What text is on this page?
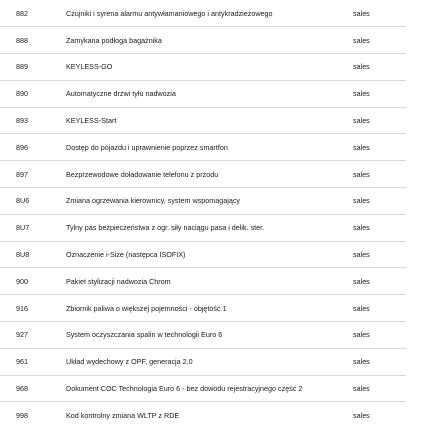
882	Czujniki i syrena alarmu antywłamaniowego i antykradzieżowego	sales	
888	Zamykana podłoga bagażnika	sales	
889	KEYLESS-GO	sales	
890	Automatyczne drzwi tyłu nadwozia	sales	
893	KEYLESS-Start	sales	
896	Dostęp do pojazdu i uprawnienie poprzez smartfon	sales	
897	Bezprzewodowe doładowanie telefonu z przodu	sales	
8U6	Zmiana ogrzewania kierownicy, system wspomagający	sales	
8U7	Tylny pas bezpieczeństwa z ogr. siły naciągu pasa i delik. ster.	sales	
8U8	Oznaczenie i-Size (następca ISOFIX)	sales	
900	Pakiet stylizacji nadwozia Chrom	sales	
916	Zbiornik paliwa o większej pojemności - objętość 1	sales	
927	System oczyszczania spalin w technologii Euro 6	sales	
961	Układ wydechowy z OPF, generacja 2.0	sales	
968	Dokument COC Technologia Euro 6 - bez dowodu rejestracyjnego część 2	sales	
998	Kod kontrolny zmiana WLTP z RDE	sales	
